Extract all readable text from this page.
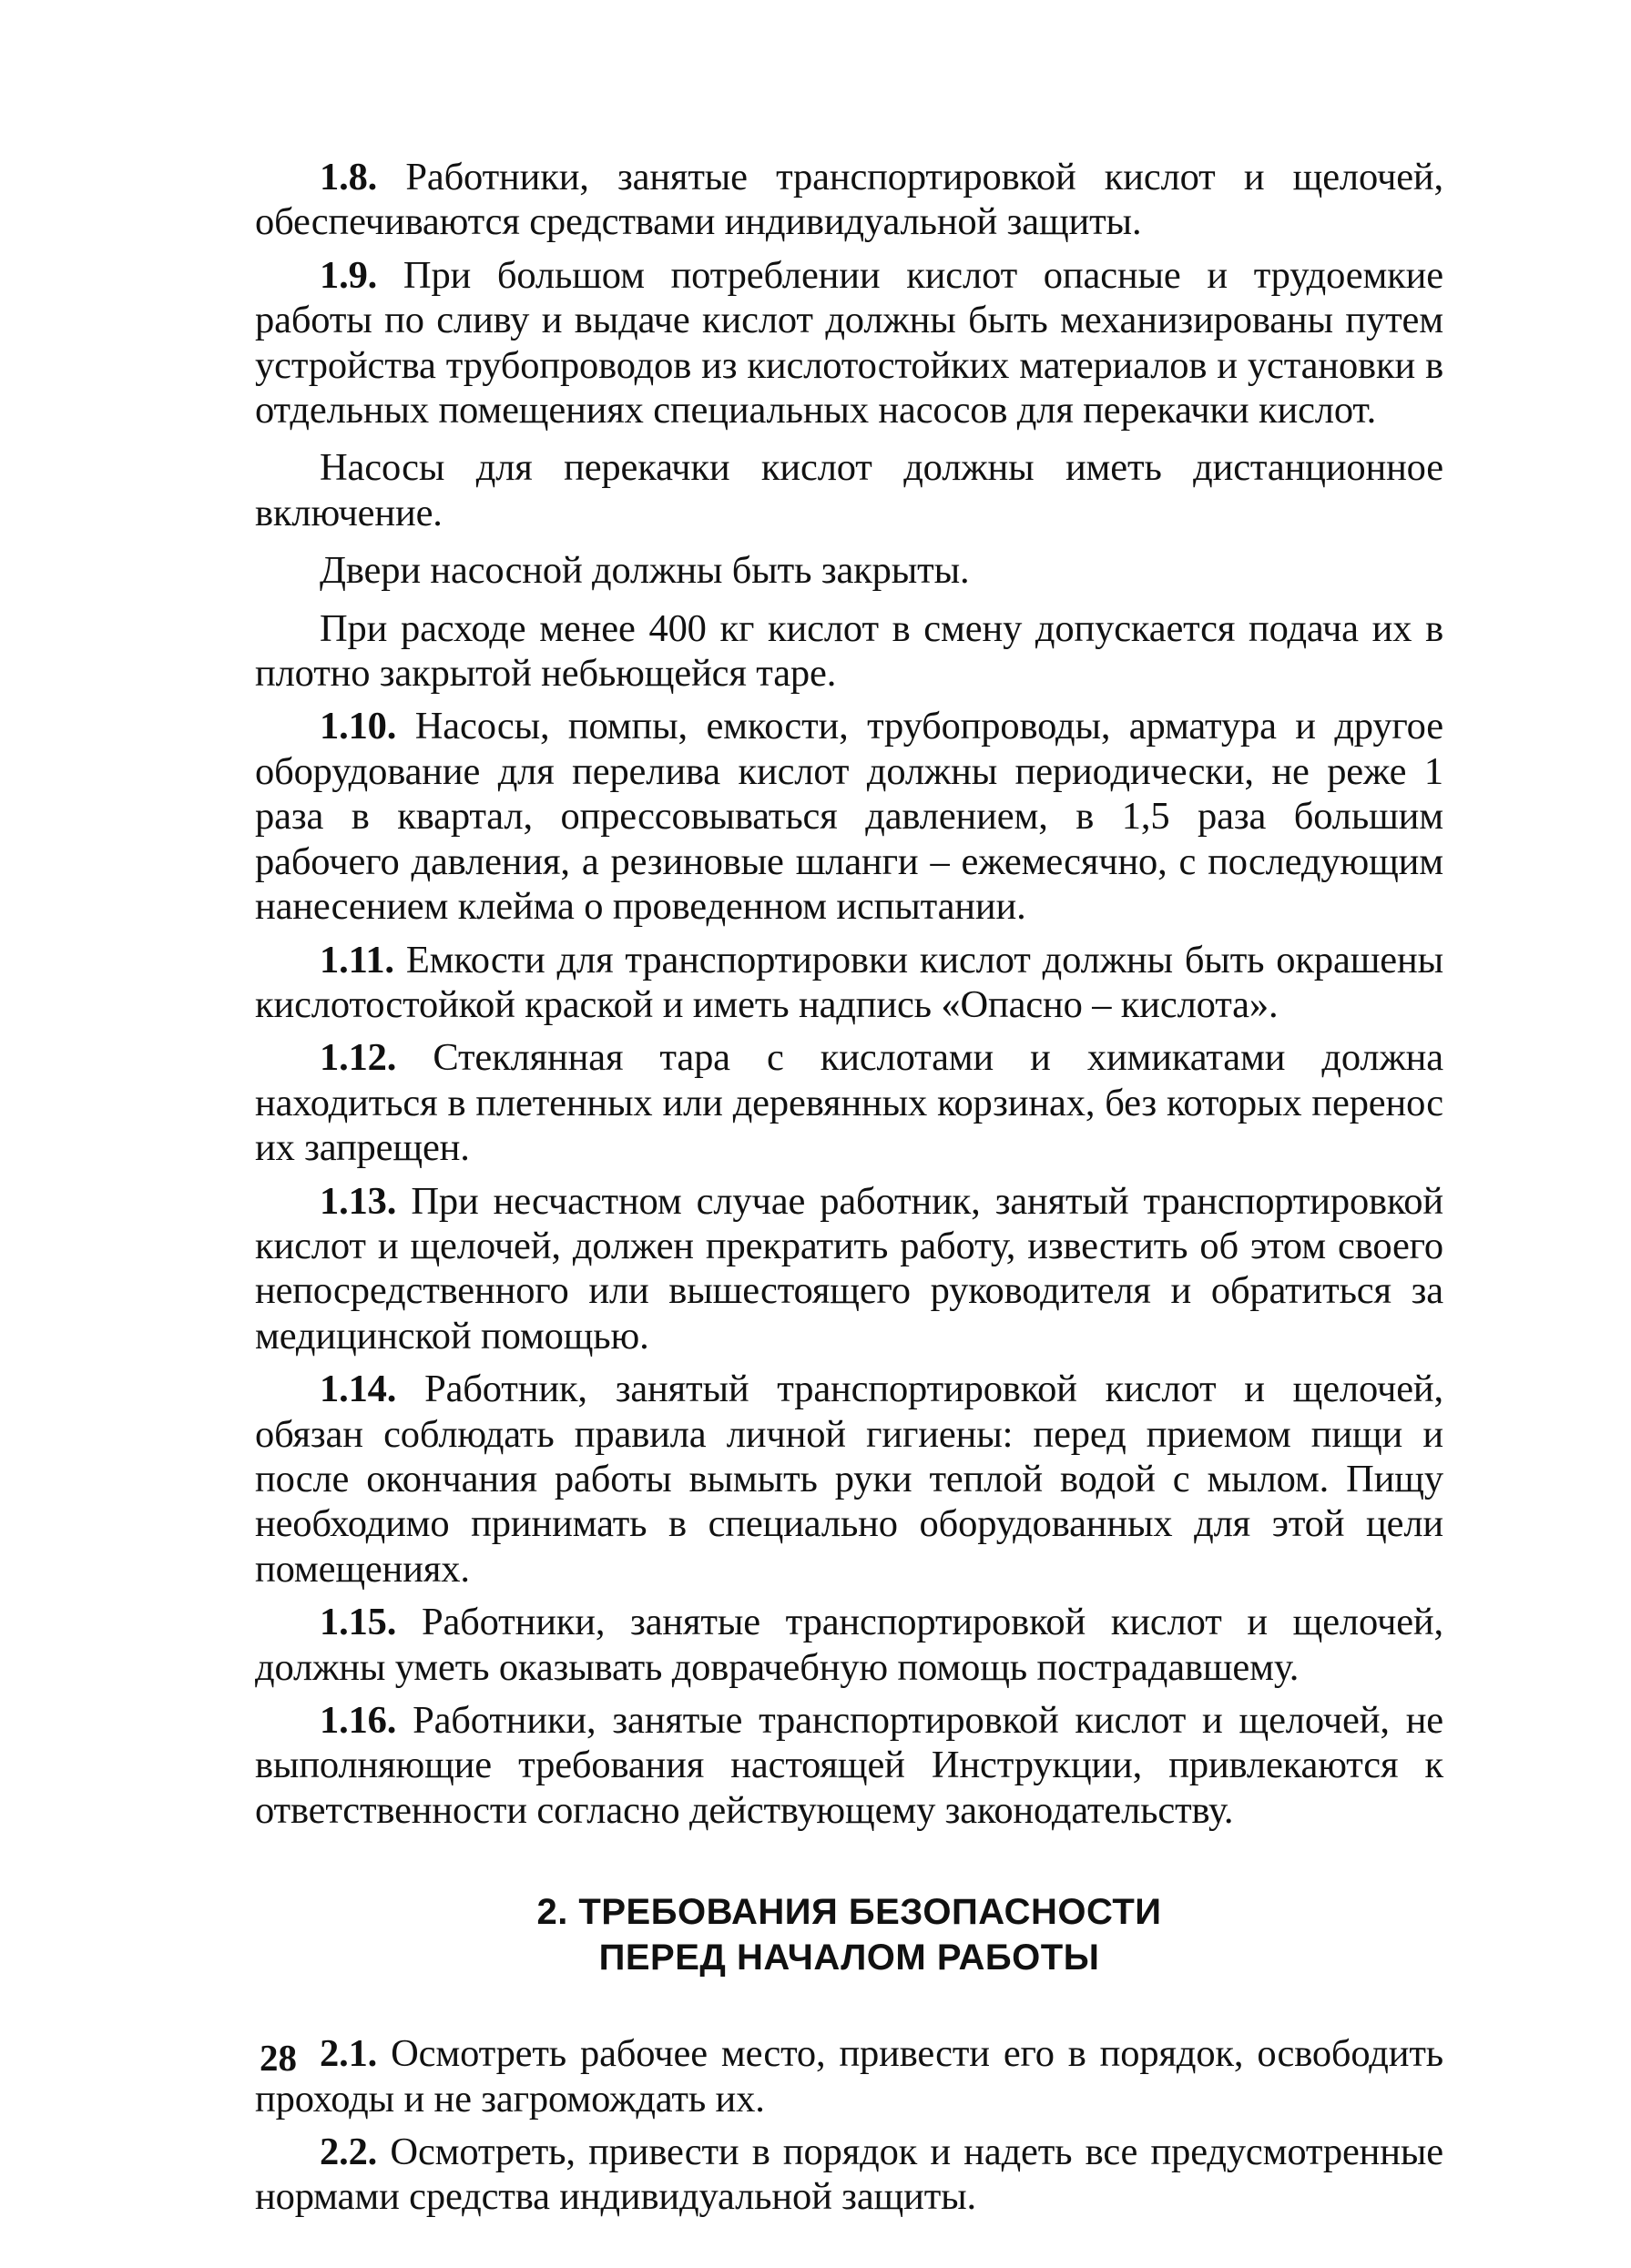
1.8. Работники, занятые транспортировкой кислот и щелочей, обеспечиваются средствами индивидуальной защиты.

1.9. При большом потреблении кислот опасные и трудоемкие работы по сливу и выдаче кислот должны быть механизированы путем устройства трубопроводов из кислотостойких материалов и установки в отдельных помещениях специальных насосов для перекачки кислот.

Насосы для перекачки кислот должны иметь дистанционное включение.

Двери насосной должны быть закрыты.

При расходе менее 400 кг кислот в смену допускается подача их в плотно закрытой небьющейся таре.

1.10. Насосы, помпы, емкости, трубопроводы, арматура и другое оборудование для перелива кислот должны периодически, не реже 1 раза в квартал, опрессовываться давлением, в 1,5 раза большим рабочего давления, а резиновые шланги – ежемесячно, с последующим нанесением клейма о проведенном испытании.

1.11. Емкости для транспортировки кислот должны быть окрашены кислотостойкой краской и иметь надпись «Опасно – кислота».

1.12. Стеклянная тара с кислотами и химикатами должна находиться в плетенных или деревянных корзинах, без которых перенос их запрещен.

1.13. При несчастном случае работник, занятый транспортировкой кислот и щелочей, должен прекратить работу, известить об этом своего непосредственного или вышестоящего руководителя и обратиться за медицинской помощью.

1.14. Работник, занятый транспортировкой кислот и щелочей, обязан соблюдать правила личной гигиены: перед приемом пищи и после окончания работы вымыть руки теплой водой с мылом. Пищу необходимо принимать в специально оборудованных для этой цели помещениях.

1.15. Работники, занятые транспортировкой кислот и щелочей, должны уметь оказывать доврачебную помощь пострадавшему.

1.16. Работники, занятые транспортировкой кислот и щелочей, не выполняющие требования настоящей Инструкции, привлекаются к ответственности согласно действующему законодательству.

2. ТРЕБОВАНИЯ БЕЗОПАСНОСТИ
ПЕРЕД НАЧАЛОМ РАБОТЫ

2.1. Осмотреть рабочее место, привести его в порядок, освободить проходы и не загромождать их.

2.2. Осмотреть, привести в порядок и надеть все предусмотренные нормами средства индивидуальной защиты.

28
